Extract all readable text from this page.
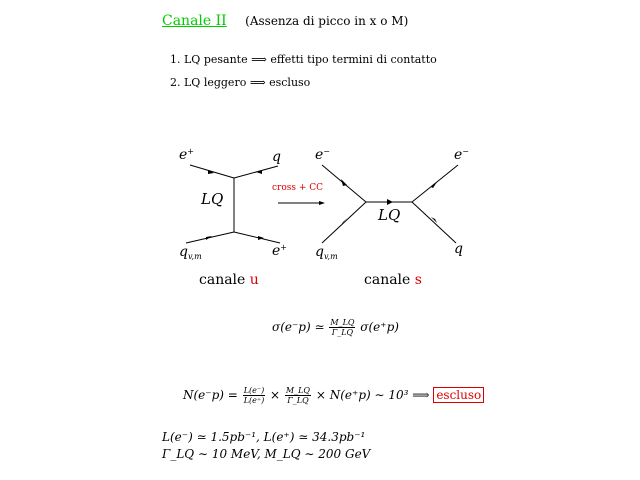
Canale II (Assenza di picco in x o M)
1. LQ pesante ⟹ effetti tipo termini di contatto
2. LQ leggero ⟹ escluso
e+	q
LQ
$q_{v,m}$	e+
canale u
cross + CC
e−	e−
LQ
$q_{v,m}$	q
canale s
σ(e⁻p) ≃ $\frac{M\_LQ}{\Gamma\_LQ} \sigma(e^+p)$
$N(e^-p) = \frac{L(e^-)}{L(e^+)} \times \frac{M\_LQ}{\Gamma\_LQ} \times N(e^+p)$ ∼ 10³ ⟹ escluso
L(e⁻) ≃ 1.5pb⁻¹, L(e⁺) ≃ 34.3pb⁻¹
Γ_LQ ∼ 10 MeV, M_LQ ∼ 200 GeV
